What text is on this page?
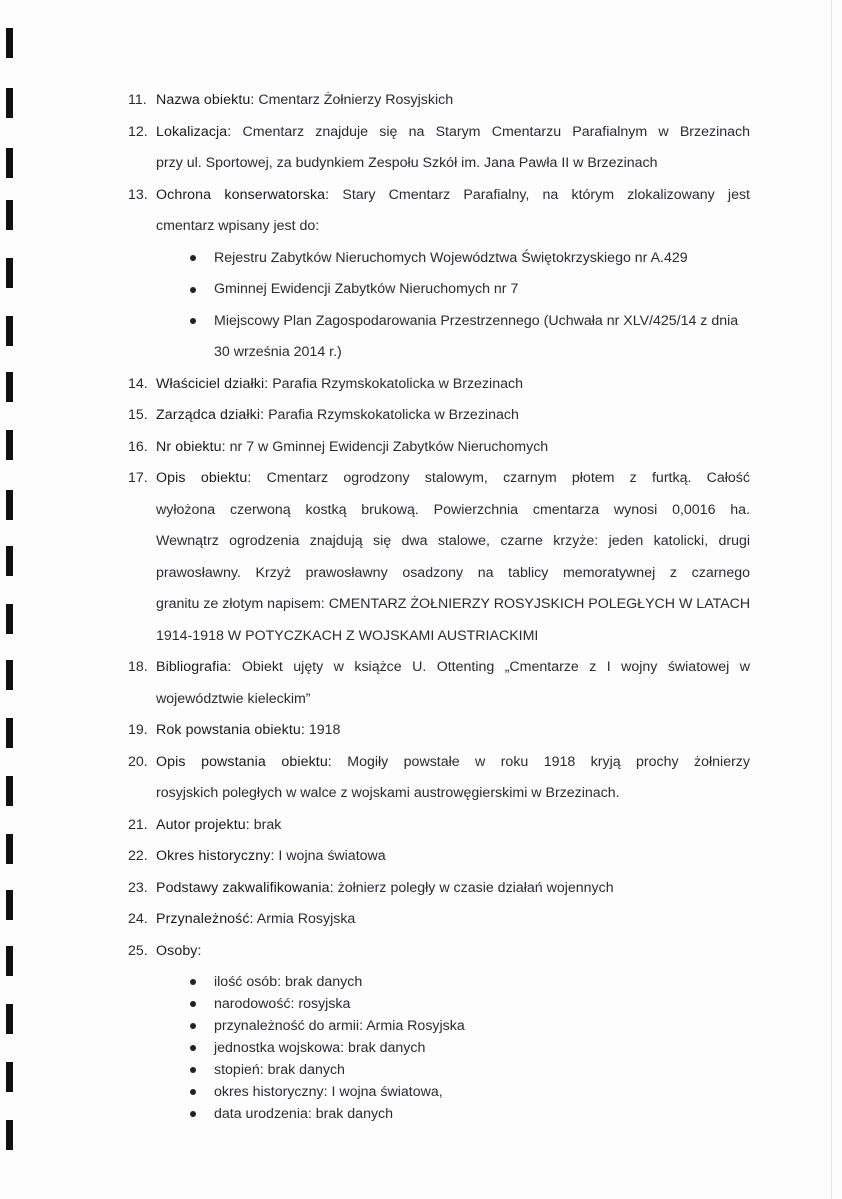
11. Nazwa obiektu: Cmentarz Żołnierzy Rosyjskich
12. Lokalizacja: Cmentarz znajduje się na Starym Cmentarzu Parafialnym w Brzezinach
przy ul. Sportowej, za budynkiem Zespołu Szkół im. Jana Pawła II w Brzezinach
13. Ochrona konserwatorska: Stary Cmentarz Parafialny, na którym zlokalizowany jest
cmentarz wpisany jest do:
Rejestru Zabytków Nieruchomych Województwa Świętokrzyskiego nr A.429
Gminnej Ewidencji Zabytków Nieruchomych nr 7
Miejscowy Plan Zagospodarowania Przestrzennego (Uchwała nr XLV/425/14 z dnia
30 września 2014 r.)
14. Właściciel działki: Parafia Rzymskokatolicka w Brzezinach
15. Zarządca działki: Parafia Rzymskokatolicka w Brzezinach
16. Nr obiektu: nr 7 w Gminnej Ewidencji Zabytków Nieruchomych
17. Opis obiektu: Cmentarz ogrodzony stalowym, czarnym płotem z furtką. Całość
wyłożona czerwoną kostką brukową. Powierzchnia cmentarza wynosi 0,0016 ha.
Wewnątrz ogrodzenia znajdują się dwa stalowe, czarne krzyże: jeden katolicki, drugi
prawosławny. Krzyż prawosławny osadzony na tablicy memoratywnej z czarnego
granitu ze złotym napisem: CMENTARZ ŻOŁNIERZY ROSYJSKICH POLEGŁYCH W LATACH
1914-1918 W POTYCZKACH Z WOJSKAMI AUSTRIACKIMI
18. Bibliografia: Obiekt ujęty w książce U. Ottenting „Cmentarze z I wojny światowej w
województwie kieleckim”
19. Rok powstania obiektu: 1918
20. Opis powstania obiektu: Mogiły powstałe w roku 1918 kryją prochy żołnierzy
rosyjskich poległych w walce z wojskami austrowęgierskimi w Brzezinach.
21. Autor projektu: brak
22. Okres historyczny: I wojna światowa
23. Podstawy zakwalifikowania: żołnierz poległy w czasie działań wojennych
24. Przynależność: Armia Rosyjska
25. Osoby:
ilość osób: brak danych
narodowość: rosyjska
przynależność do armii: Armia Rosyjska
jednostka wojskowa: brak danych
stopień: brak danych
okres historyczny: I wojna światowa,
data urodzenia: brak danych
